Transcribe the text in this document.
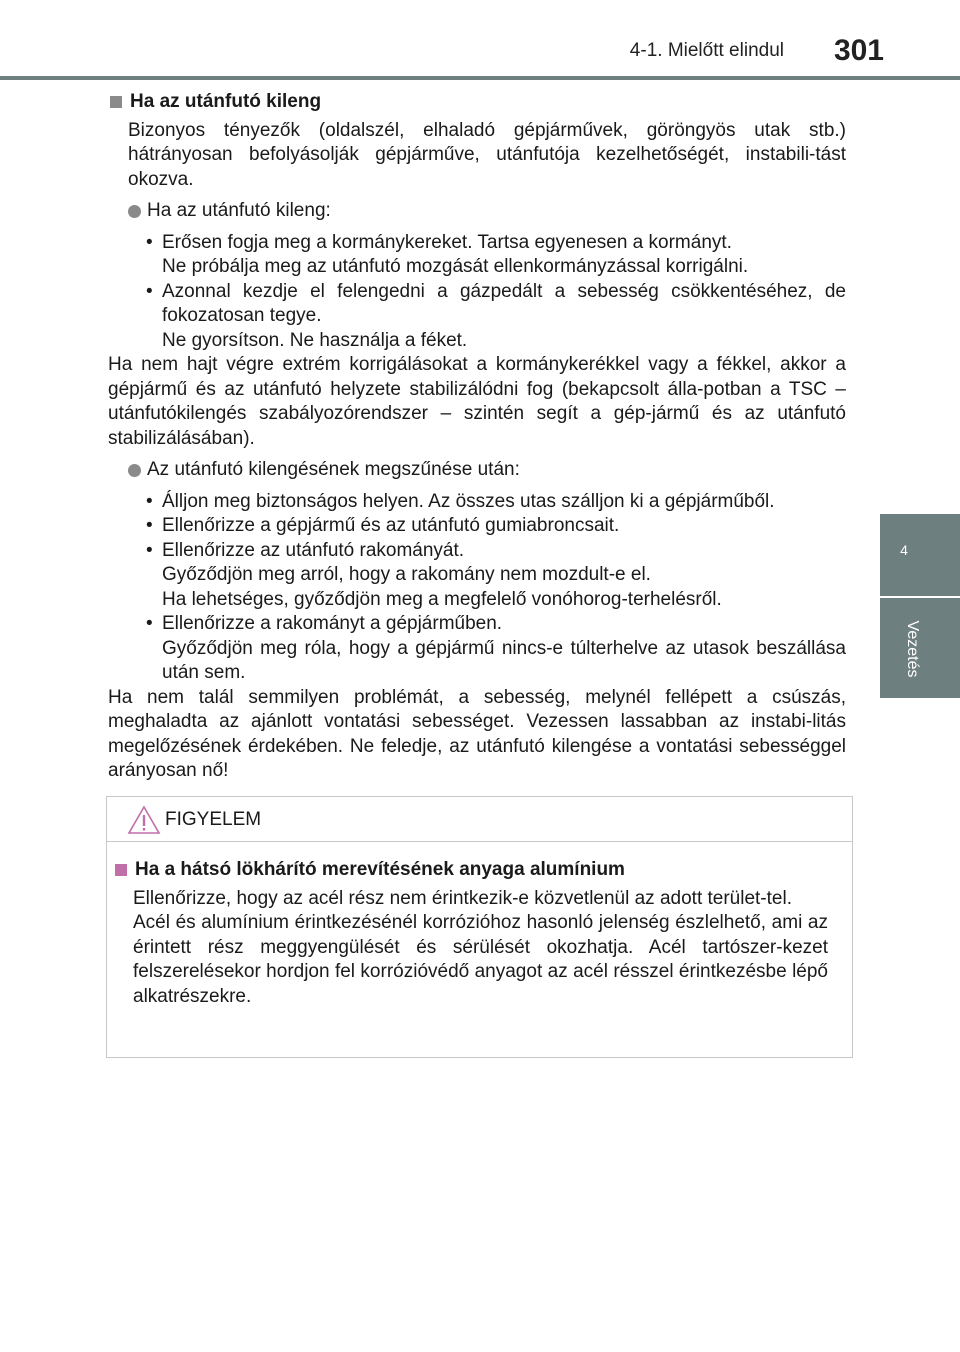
4-1. Mielőtt elindul 301
4
Vezetés
Ha az utánfutó kileng
Bizonyos tényezők (oldalszél, elhaladó gépjárművek, göröngyös utak stb.) hátrányosan befolyásolják gépjárműve, utánfutója kezelhetőségét, instabili-tást okozva.
Ha az utánfutó kileng:
• Erősen fogja meg a kormánykereket. Tartsa egyenesen a kormányt.
Ne próbálja meg az utánfutó mozgását ellenkormányzással korrigálni.
• Azonnal kezdje el felengedni a gázpedált a sebesség csökkentéséhez, de fokozatosan tegye.
Ne gyorsítson. Ne használja a féket.
Ha nem hajt végre extrém korrigálásokat a kormánykerékkel vagy a fékkel, akkor a gépjármű és az utánfutó helyzete stabilizálódni fog (bekapcsolt álla-potban a TSC – utánfutókilengés szabályozórendszer – szintén segít a gép-jármű és az utánfutó stabilizálásában).
Az utánfutó kilengésének megszűnése után:
• Álljon meg biztonságos helyen. Az összes utas szálljon ki a gépjárműből.
• Ellenőrizze a gépjármű és az utánfutó gumiabroncsait.
• Ellenőrizze az utánfutó rakományát.
Győződjön meg arról, hogy a rakomány nem mozdult-e el.
Ha lehetséges, győződjön meg a megfelelő vonóhorog-terhelésről.
• Ellenőrizze a rakományt a gépjárműben.
Győződjön meg róla, hogy a gépjármű nincs-e túlterhelve az utasok beszállása után sem.
Ha nem talál semmilyen problémát, a sebesség, melynél fellépett a csúszás, meghaladta az ajánlott vontatási sebességet. Vezessen lassabban az instabi-litás megelőzésének érdekében. Ne feledje, az utánfutó kilengése a vontatási sebességgel arányosan nő!
FIGYELEM
Ha a hátsó lökhárító merevítésének anyaga alumínium
Ellenőrizze, hogy az acél rész nem érintkezik-e közvetlenül az adott terület-tel.
Acél és alumínium érintkezésénél korrózióhoz hasonló jelenség észlelhető, ami az érintett rész meggyengülését és sérülését okozhatja. Acél tartószer-kezet felszerelésekor hordjon fel korrózióvédő anyagot az acél résszel érintkezésbe lépő alkatrészekre.
